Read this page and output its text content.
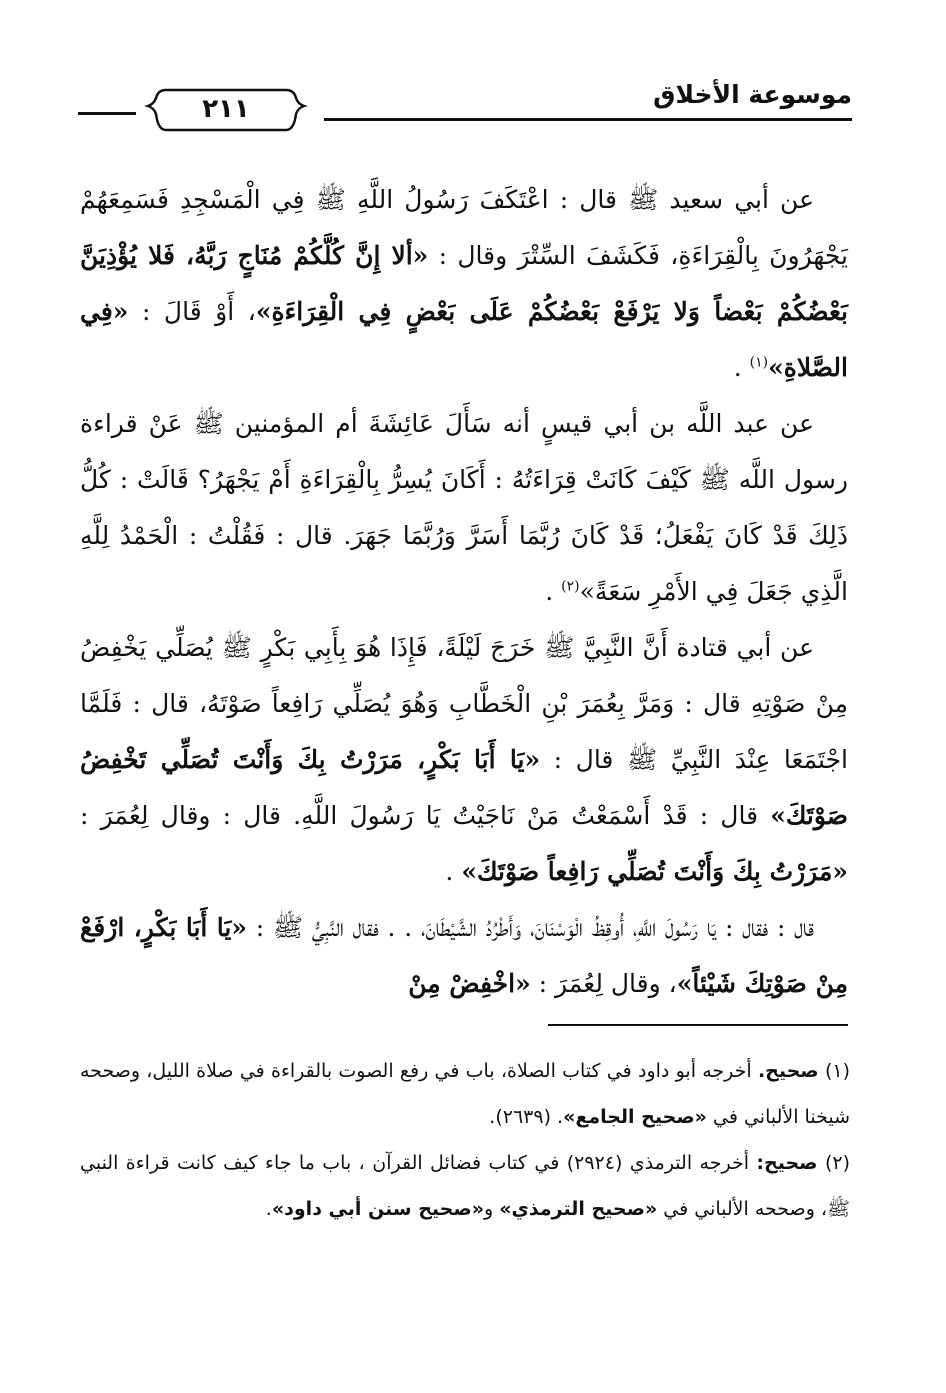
موسوعة الأخلاق
٢١١

عن أبي سعيد ﷺ قال : اعْتَكَفَ رَسُولُ اللَّهِ ﷺ فِي الْمَسْجِدِ فَسَمِعَهُمْ يَجْهَرُونَ بِالْقِرَاءَةِ، فَكَشَفَ السِّتْرَ وقال : «ألا إِنَّ كُلَّكُمْ مُنَاجٍ رَبَّهُ، فَلا يُؤْذِيَنَّ بَعْضُكُمْ بَعْضاً وَلا يَرْفَعْ بَعْضُكُمْ عَلَى بَعْضٍ فِي الْقِرَاءَةِ»، أَوْ قَالَ : «فِي الصَّلاةِ»$^{(١)}$ .

عن عبد اللَّه بن أبي قيسٍ أنه سَأَلَ عَائِشَةَ أم المؤمنين ﷺ عَنْ قراءة رسول اللَّه ﷺ كَيْفَ كَانَتْ قِرَاءَتُهُ : أَكَانَ يُسِرُّ بِالْقِرَاءَةِ أَمْ يَجْهَرُ؟ قَالَتْ : كُلُّ ذَلِكَ قَدْ كَانَ يَفْعَلُ؛ قَدْ كَانَ رُبَّمَا أَسَرَّ وَرُبَّمَا جَهَرَ. قال : فَقُلْتُ : الْحَمْدُ لِلَّهِ الَّذِي جَعَلَ فِي الأَمْرِ سَعَةً»$^{(٢)}$ .

عن أبي قتادة أَنَّ النَّبِيَّ ﷺ خَرَجَ لَيْلَةً، فَإِذَا هُوَ بِأَبِي بَكْرٍ ﷺ يُصَلِّي يَخْفِضُ مِنْ صَوْتِهِ قال : وَمَرَّ بِعُمَرَ بْنِ الْخَطَّابِ وَهُوَ يُصَلِّي رَافِعاً صَوْتَهُ، قال : فَلَمَّا اجْتَمَعَا عِنْدَ النَّبِيِّ ﷺ قال : «يَا أَبَا بَكْرٍ، مَرَرْتُ بِكَ وَأَنْتَ تُصَلِّي تَخْفِضُ صَوْتَكَ» قال : قَدْ أَسْمَعْتُ مَنْ نَاجَيْتُ يَا رَسُولَ اللَّهِ. قال : وقال لِعُمَرَ : «مَرَرْتُ بِكَ وَأَنْتَ تُصَلِّي رَافِعاً صَوْتَكَ» .

قال : فقال : يَا رَسُولَ اللَّهِ، أُوقِظُ الْوَسْنَانَ، وَأَطْرُدُ الشَّيْطَانَ، . . فقال النَّبِيُّ ﷺ : «يَا أَبَا بَكْرٍ، ارْفَعْ مِنْ صَوْتِكَ شَيْئاً»، وقال لِعُمَرَ : «اخْفِضْ مِنْ

(١) صحيح. أخرجه أبو داود في كتاب الصلاة، باب في رفع الصوت بالقراءة في صلاة الليل، وصححه شيخنا الألباني في «صحيح الجامع». (٢٦٣٩).

(٢) صحيح: أخرجه الترمذي (٢٩٢٤) في كتاب فضائل القرآن ، باب ما جاء كيف كانت قراءة النبي ﷺ، وصححه الألباني في «صحيح الترمذي» و«صحيح سنن أبي داود».
